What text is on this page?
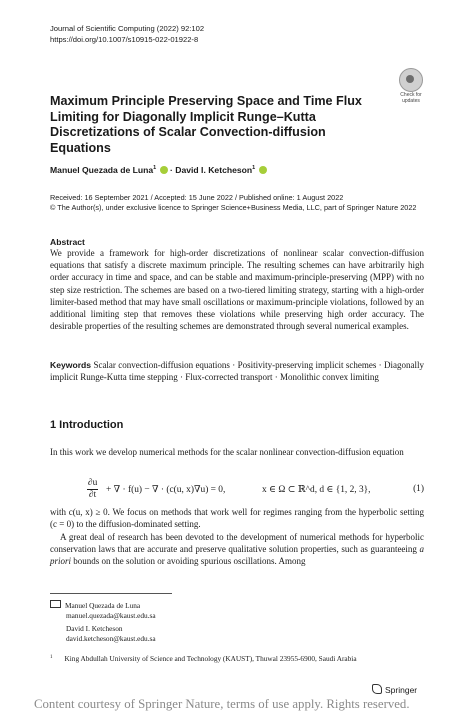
Journal of Scientific Computing (2022) 92:102
https://doi.org/10.1007/s10915-022-01922-8
Check for
updates
Maximum Principle Preserving Space and Time Flux Limiting for Diagonally Implicit Runge–Kutta Discretizations of Scalar Convection-diffusion Equations
Manuel Quezada de Luna$^1$ · David I. Ketcheson$^1$
Received: 16 September 2021 / Accepted: 15 June 2022 / Published online: 1 August 2022
© The Author(s), under exclusive licence to Springer Science+Business Media, LLC, part of Springer Nature 2022
Abstract
We provide a framework for high-order discretizations of nonlinear scalar convection-diffusion equations that satisfy a discrete maximum principle. The resulting schemes can have arbitrarily high order accuracy in time and space, and can be stable and maximum-principle-preserving (MPP) with no step size restriction. The schemes are based on a two-tiered limiting strategy, starting with a high-order limiter-based method that may have small oscillations or maximum-principle violations, followed by an additional limiting step that removes these violations while preserving high order accuracy. The desirable properties of the resulting schemes are demonstrated through several numerical examples.
Keywords Scalar convection-diffusion equations · Positivity-preserving implicit schemes · Diagonally implicit Runge-Kutta time stepping · Flux-corrected transport · Monolithic convex limiting
1 Introduction
In this work we develop numerical methods for the scalar nonlinear convection-diffusion equation
$\frac{\partial u}{\partial t}$ + ∇ · f(u) − ∇ · (c(u, x)∇u) = 0,	x ∈ Ω ⊂ ℝ^d, d ∈ {1, 2, 3},	(1)
with c(u, x) ≥ 0. We focus on methods that work well for regimes ranging from the hyperbolic setting (c = 0) to the diffusion-dominated setting.
A great deal of research has been devoted to the development of numerical methods for hyperbolic conservation laws that are accurate and preserve qualitative solution properties, such as guaranteeing a priori bounds on the solution or avoiding spurious oscillations. Among
Manuel Quezada de Luna
manuel.quezada@kaust.edu.sa
David I. Ketcheson
david.ketcheson@kaust.edu.sa
$^1$ King Abdullah University of Science and Technology (KAUST), Thuwal 23955-6900, Saudi Arabia
Springer
Content courtesy of Springer Nature, terms of use apply. Rights reserved.
